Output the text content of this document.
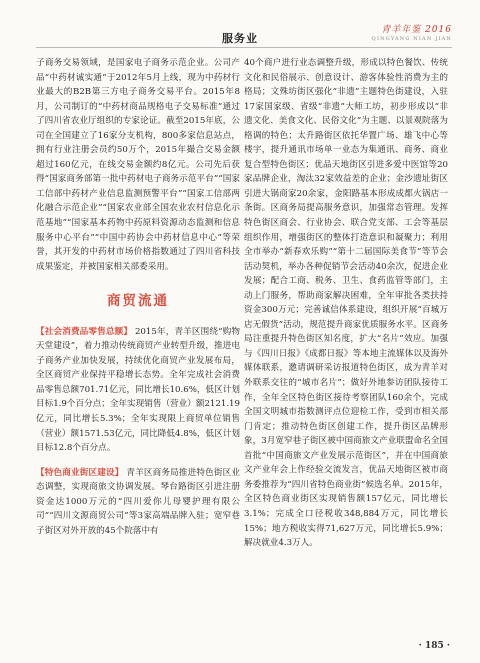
服务业
青羊年鉴 2016
QINGYANG NIAN JIAN

子商务交易领域，是国家电子商务示范企业。公司产品“中药材诚实通”于2012年5月上线，现为中药材行业最大的B2B第三方电子商务交易平台。2015年8月，公司制订的“中药材商品规格电子交易标准”通过了四川省农业厅组织的专家论证。截至2015年底，公司在全国建立了16家分支机构，800多家信息站点，拥有行业注册会员约50万个，2015年撮合交易金额超过160亿元，在线交易金额约8亿元。公司先后获得“国家商务部第一批中药材电子商务示范平台”“国家工信部中药材产业信息监测预警平台”“国家工信部两化融合示范企业”“国家农业部全国农业农村信息化示范基地”“国家基本药物中药原料资源动态监测和信息服务中心平台”“中国中药协会中药材信息中心”等荣誉，其开发的中药材市场价格指数通过了四川省科技成果鉴定，并被国家相关部委采用。

商贸流通

【社会消费品零售总额】 2015年，青羊区围绕“购物天堂建设”，着力推动传统商贸产业转型升级，推进电子商务产业加快发展，持续优化商贸产业发展布局，全区商贸产业保持平稳增长态势。全年完成社会消费品零售总额701.71亿元，同比增长10.6%，低区计划目标1.9个百分点；全年实现销售（营业）额2121.19亿元，同比增长5.3%；全年实现限上商贸单位销售（营业）额1571.53亿元，同比降低4.8%，低区计划目标12.8个百分点。

【特色商业街区建设】 青羊区商务局推进特色街区业态调整，实现商旅文协调发展。琴台路街区引进注册资金达1000万元的“四川爱你儿母婴护理有限公司”“四川文源商贸公司”等3家高端品牌入驻；宽窄巷子街区对外开放的45个院落中有

40个商户进行业态调整升级，形成以特色餐饮、传统文化和民俗展示、创意设计、游客体验性消费为主的格局；文殊坊街区强化“非遗”主题特色街建设，入驻17家国家级、省级“非遗”大师工坊，初步形成以“非遗文化、美食文化、民俗文化”为主题、以景观院落为格调的特色；太升路街区依托华置广场、雄飞中心等楼宇，提升通讯市场单一业态为集通讯、商务、商业复合型特色街区；优品天地街区引进多爱中医馆等20家品牌企业，淘汰32家效益差的企业；金沙遗址街区引进大锅商家20余家，金阳路基本形成成都火锅店一条街。区商务局提高服务意识，加强常态管理。发挥特色街区商会、行业协会、联合党支部、工会等基层组织作用，增强街区的整体打造意识和凝聚力；利用全市举办“新春欢乐购”“第十二届国际美食节”等节会活动契机，举办各种促销节会活动40余次，促进企业发展；配合工商、税务、卫生、食药监管等部门，主动上门服务，帮助商家解决困难，全年审批各类扶持资金300万元；完善诚信体系建设，组织开展“百城万店无假货”活动，规范提升商家优质服务水平。区商务局注重提升特色街区知名度，扩大“名片”效应。加强与《四川日报》《成都日报》等本地主流媒体以及海外媒体联系，邀请调研采访报道特色街区，成为青羊对外联系交往的“城市名片”；做好外地参访团队接待工作，全年全区特色街区接待考察团队160余个，完成全国文明城市指数测评点位迎检工作，受到市相关部门肯定；推动特色街区创建工作，提升街区品牌形象，3月宽窄巷子街区被中国商旅文产业联盟命名全国首批“中国商旅文产业发展示范街区”，并在中国商旅文产业年会上作经验交流发言，优品天地街区被市商务委推荐为“四川省特色商业街”候选名单。2015年，全区特色商业街区实现销售额157亿元，同比增长3.1%；完成全口径税收348,884万元，同比增长15%；地方税收实得71,627万元，同比增长5.9%；解决就业4.3万人。

· 185 ·
